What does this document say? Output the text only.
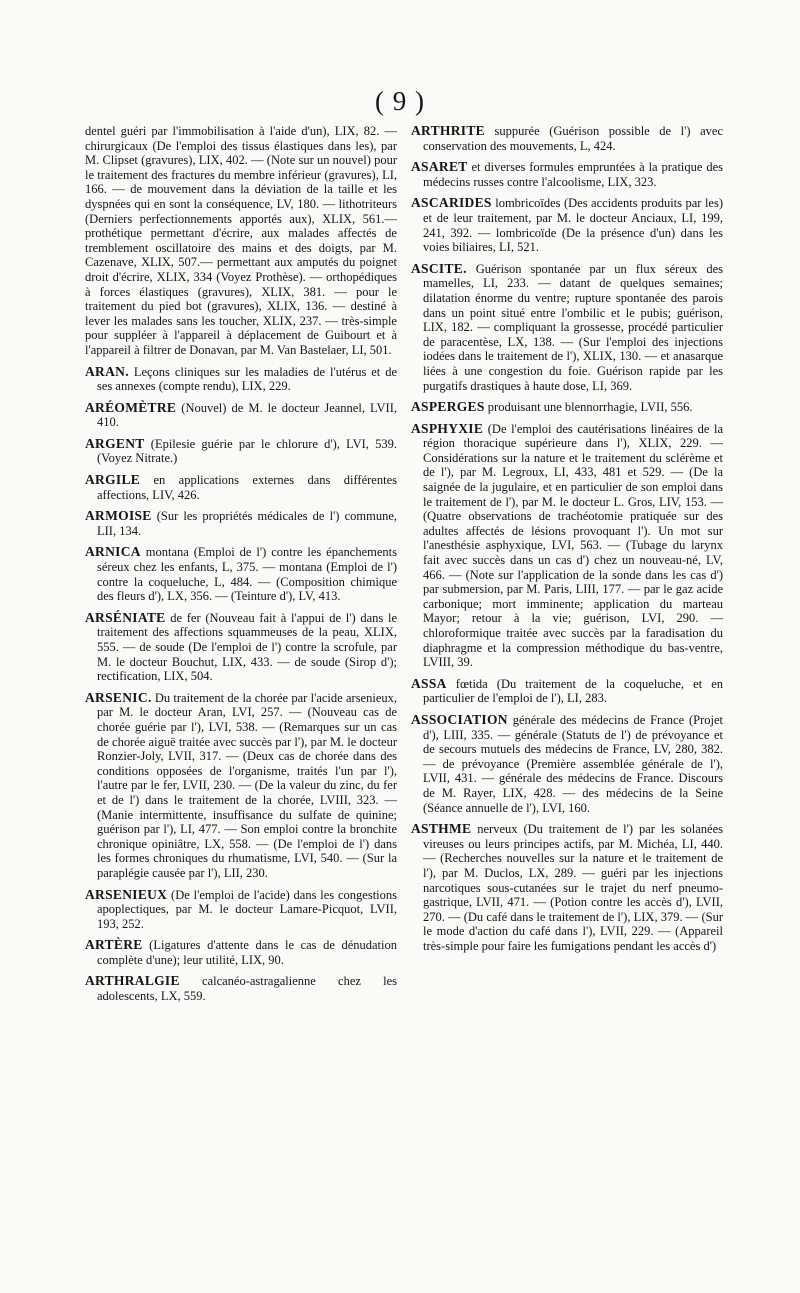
( 9 )

dentel guéri par l'immobilisation à l'aide d'un), LIX, 82. — chirurgicaux (De l'emploi des tissus élastiques dans les), par M. Clipset (gravures), LIX, 402. — (Note sur un nouvel) pour le traitement des fractures du membre inférieur (gravures), LI, 166. — de mouvement dans la déviation de la taille et les dyspnées qui en sont la conséquence, LV, 180. — lithotriteurs (Derniers perfectionnements apportés aux), XLIX, 561.—prothétique permettant d'écrire, aux malades affectés de tremblement oscillatoire des mains et des doigts, par M. Cazenave, XLIX, 507.— permettant aux amputés du poignet droit d'écrire, XLIX, 334 (Voyez Prothèse). — orthopédiques à forces élastiques (gravures), XLIX, 381. — pour le traitement du pied bot (gravures), XLIX, 136. — destiné à lever les malades sans les toucher, XLIX, 237. — très-simple pour suppléer à l'appareil à déplacement de Guibourt et à l'appareil à filtrer de Donavan, par M. Van Bastelaer, LI, 501.

ARAN. Leçons cliniques sur les maladies de l'utérus et de ses annexes (compte rendu), LIX, 229.

ARÉOMÈTRE (Nouvel) de M. le docteur Jeannel, LVII, 410.

ARGENT (Epilesie guérie par le chlorure d'), LVI, 539. (Voyez Nitrate.)

ARGILE en applications externes dans différentes affections, LIV, 426.

ARMOISE (Sur les propriétés médicales de l') commune, LII, 134.

ARNICA montana (Emploi de l') contre les épanchements séreux chez les enfants, L, 375. — montana (Emploi de l') contre la coqueluche, L, 484. — (Composition chimique des fleurs d'), LX, 356. — (Teinture d'), LV, 413.

ARSÉNIATE de fer (Nouveau fait à l'appui de l') dans le traitement des affections squammeuses de la peau, XLIX, 555. — de soude (De l'emploi de l') contre la scrofule, par M. le docteur Bouchut, LIX, 433. — de soude (Sirop d'); rectification, LIX, 504.

ARSENIC. Du traitement de la chorée par l'acide arsenieux, par M. le docteur Aran, LVI, 257. — (Nouveau cas de chorée guérie par l'), LVI, 538. — (Remarques sur un cas de chorée aiguë traitée avec succès par l'), par M. le docteur Ronzier-Joly, LVII, 317. — (Deux cas de chorée dans des conditions opposées de l'organisme, traités l'un par l'), l'autre par le fer, LVII, 230. — (De la valeur du zinc, du fer et de l') dans le traitement de la chorée, LVIII, 323. — (Manie intermittente, insuffisance du sulfate de quinine; guérison par l'), LI, 477. — Son emploi contre la bronchite chronique opiniâtre, LX, 558. — (De l'emploi de l') dans les formes chroniques du rhumatisme, LVI, 540. — (Sur la paraplégie causée par l'), LII, 230.

ARSENIEUX (De l'emploi de l'acide) dans les congestions apoplectiques, par M. le docteur Lamare-Picquot, LVII, 193, 252.

ARTÈRE (Ligatures d'attente dans le cas de dénudation complète d'une); leur utilité, LIX, 90.

ARTHRALGIE calcanéo-astragalienne chez les adolescents, LX, 559.

ARTHRITE suppurée (Guérison possible de l') avec conservation des mouvements, L, 424.

ASARET et diverses formules empruntées à la pratique des médecins russes contre l'alcoolisme, LIX, 323.

ASCARIDES lombricoïdes (Des accidents produits par les) et de leur traitement, par M. le docteur Anciaux, LI, 199, 241, 392. — lombricoïde (De la présence d'un) dans les voies biliaires, LI, 521.

ASCITE. Guérison spontanée par un flux séreux des mamelles, LI, 233. — datant de quelques semaines; dilatation énorme du ventre; rupture spontanée des parois dans un point situé entre l'ombilic et le pubis; guérison, LIX, 182. — compliquant la grossesse, procédé particulier de paracentèse, LX, 138. — (Sur l'emploi des injections iodées dans le traitement de l'), XLIX, 130. — et anasarque liées à une congestion du foie. Guérison rapide par les purgatifs drastiques à haute dose, LI, 369.

ASPERGES produisant une blennorrhagie, LVII, 556.

ASPHYXIE (De l'emploi des cautérisations linéaires de la région thoracique supérieure dans l'), XLIX, 229. — Considérations sur la nature et le traitement du sclérème et de l'), par M. Legroux, LI, 433, 481 et 529. — (De la saignée de la jugulaire, et en particulier de son emploi dans le traitement de l'), par M. le docteur L. Gros, LIV, 153. — (Quatre observations de trachéotomie pratiquée sur des adultes affectés de lésions provoquant l'). Un mot sur l'anesthésie asphyxique, LVI, 563. — (Tubage du larynx fait avec succès dans un cas d') chez un nouveau-né, LV, 466. — (Note sur l'application de la sonde dans les cas d') par submersion, par M. Paris, LIII, 177. — par le gaz acide carbonique; mort imminente; application du marteau Mayor; retour à la vie; guérison, LVI, 290. — chloroformique traitée avec succès par la faradisation du diaphragme et la compression méthodique du bas-ventre, LVIII, 39.

ASSA fœtida (Du traitement de la coqueluche, et en particulier de l'emploi de l'), LI, 283.

ASSOCIATION générale des médecins de France (Projet d'), LIII, 335. — générale (Statuts de l') de prévoyance et de secours mutuels des médecins de France, LV, 280, 382. — de prévoyance (Première assemblée générale de l'), LVII, 431. — générale des médecins de France. Discours de M. Rayer, LIX, 428. — des médecins de la Seine (Séance annuelle de l'), LVI, 160.

ASTHME nerveux (Du traitement de l') par les solanées vireuses ou leurs principes actifs, par M. Michéa, LI, 440. — (Recherches nouvelles sur la nature et le traitement de l'), par M. Duclos, LX, 289. — guéri par les injections narcotiques sous-cutanées sur le trajet du nerf pneumo-gastrique, LVII, 471. — (Potion contre les accès d'), LVII, 270. — (Du café dans le traitement de l'), LIX, 379. — (Sur le mode d'action du café dans l'), LVII, 229. — (Appareil très-simple pour faire les fumigations pendant les accès d')
